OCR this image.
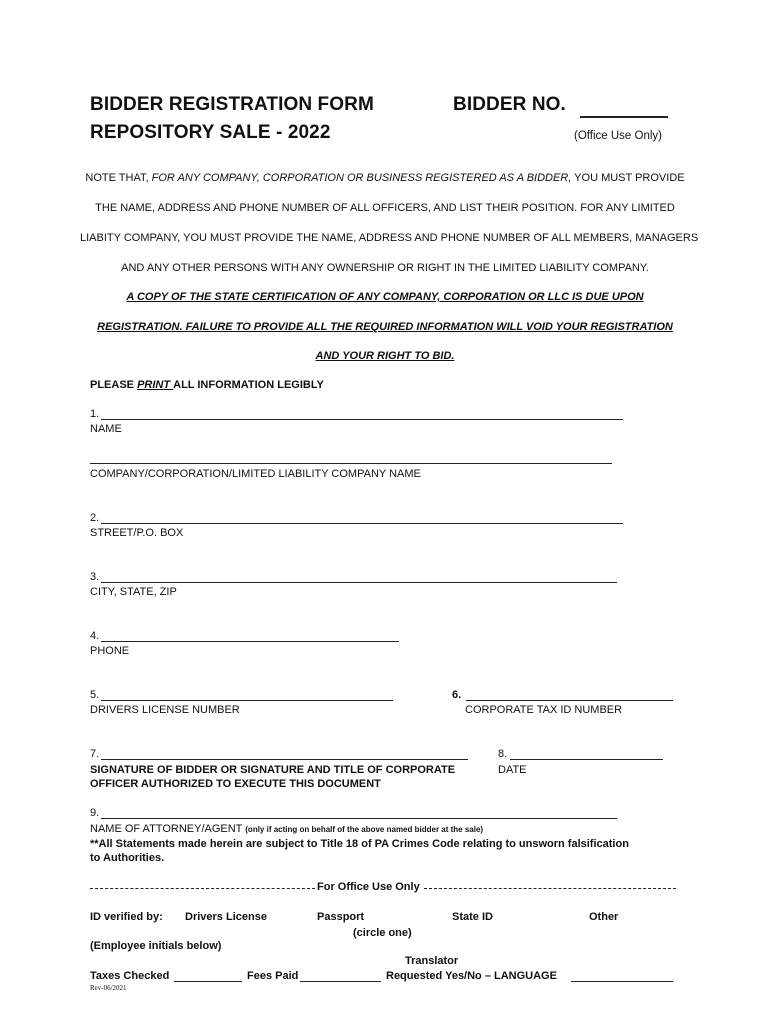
BIDDER REGISTRATION FORM
REPOSITORY SALE - 2022
BIDDER NO.
(Office Use Only)
NOTE THAT, FOR ANY COMPANY, CORPORATION OR BUSINESS REGISTERED AS A BIDDER, YOU MUST PROVIDE
THE NAME, ADDRESS AND PHONE NUMBER OF ALL OFFICERS, AND LIST THEIR POSITION. FOR ANY LIMITED
LIABITY COMPANY, YOU MUST PROVIDE THE NAME, ADDRESS AND PHONE NUMBER OF ALL MEMBERS, MANAGERS
AND ANY OTHER PERSONS WITH ANY OWNERSHIP OR RIGHT IN THE LIMITED LIABILITY COMPANY.
A COPY OF THE STATE CERTIFICATION OF ANY COMPANY, CORPORATION OR LLC IS DUE UPON
REGISTRATION. FAILURE TO PROVIDE ALL THE REQUIRED INFORMATION WILL VOID YOUR REGISTRATION
AND YOUR RIGHT TO BID.
PLEASE PRINT ALL INFORMATION LEGIBLY
1.
NAME
COMPANY/CORPORATION/LIMITED LIABILITY COMPANY NAME
2.
STREET/P.O. BOX
3.
CITY, STATE, ZIP
4.
PHONE
5.
DRIVERS LICENSE NUMBER
6.
CORPORATE TAX ID NUMBER
7.
SIGNATURE OF BIDDER OR SIGNATURE AND TITLE OF CORPORATE
OFFICER AUTHORIZED TO EXECUTE THIS DOCUMENT
8.
DATE
9.
NAME OF ATTORNEY/AGENT (only if acting on behalf of the above named bidder at the sale)
**All Statements made herein are subject to Title 18 of PA Crimes Code relating to unsworn falsification
to Authorities.
For Office Use Only
ID verified by: Drivers License	Passport	State ID	Other
(circle one)
(Employee initials below)
Translator
Taxes Checked	Fees Paid	Requested Yes/No – LANGUAGE
Rev-06/2021
